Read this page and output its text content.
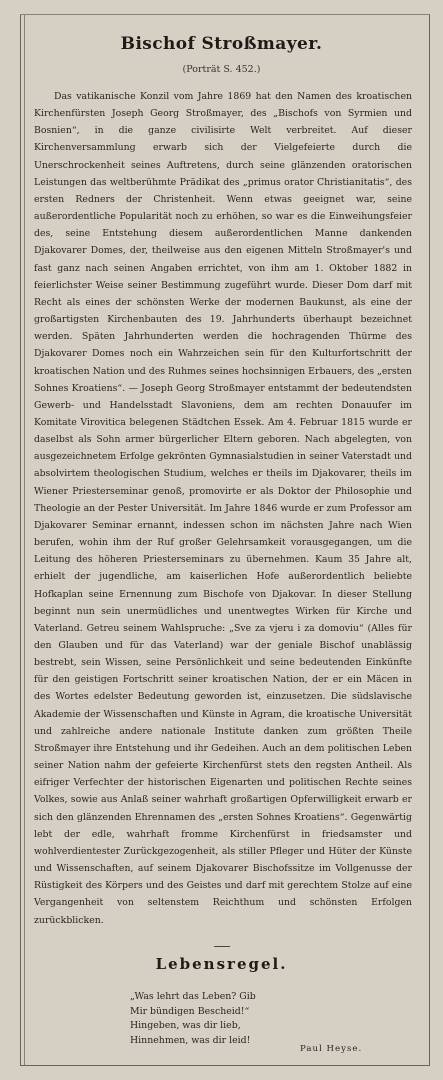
Bischof Stroßmayer.
(Porträt S. 452.)

Das vatikanische Konzil vom Jahre 1869 hat den Namen des kroatischen Kirchenfürsten Joseph Georg Stroßmayer, des „Bischofs von Syrmien und Bosnien“, in die ganze civilisirte Welt verbreitet. Auf dieser Kirchenversammlung erwarb sich der Vielgefeierte durch die Unerschrockenheit seines Auftretens, durch seine glänzenden oratorischen Leistungen das weltberühmte Prädikat des „primus orator Christianitatis“, des ersten Redners der Christenheit. Wenn etwas geeignet war, seine außerordentliche Popularität noch zu erhöhen, so war es die Einweihungsfeier des, seine Entstehung diesem außerordentlichen Manne dankenden Djakovarer Domes, der, theilweise aus den eigenen Mitteln Stroßmayer's und fast ganz nach seinen Angaben errichtet, von ihm am 1. Oktober 1882 in feierlichster Weise seiner Bestimmung zugeführt wurde. Dieser Dom darf mit Recht als eines der schönsten Werke der modernen Baukunst, als eine der großartigsten Kirchenbauten des 19. Jahrhunderts überhaupt bezeichnet werden. Späten Jahrhunderten werden die hochragenden Thürme des Djakovarer Domes noch ein Wahrzeichen sein für den Kulturfortschritt der kroatischen Nation und des Ruhmes seines hochsinnigen Erbauers, des „ersten Sohnes Kroatiens“. — Joseph Georg Stroßmayer entstammt der bedeutendsten Gewerb- und Handelsstadt Slavoniens, dem am rechten Donauufer im Komitate Virovitica belegenen Städtchen Essek. Am 4. Februar 1815 wurde er daselbst als Sohn armer bürgerlicher Eltern geboren. Nach abgelegten, von ausgezeichnetem Erfolge gekrönten Gymnasialstudien in seiner Vaterstadt und absolvirtem theologischen Studium, welches er theils im Djakovarer, theils im Wiener Priesterseminar genoß, promovirte er als Doktor der Philosophie und Theologie an der Pester Universität. Im Jahre 1846 wurde er zum Professor am Djakovarer Seminar ernannt, indessen schon im nächsten Jahre nach Wien berufen, wohin ihm der Ruf großer Gelehrsamkeit vorausgegangen, um die Leitung des höheren Priesterseminars zu übernehmen. Kaum 35 Jahre alt, erhielt der jugendliche, am kaiserlichen Hofe außerordentlich beliebte Hofkaplan seine Ernennung zum Bischofe von Djakovar. In dieser Stellung beginnt nun sein unermüdliches und unentwegtes Wirken für Kirche und Vaterland. Getreu seinem Wahlspruche: „Sve za vjeru i za domoviu“ (Alles für den Glauben und für das Vaterland) war der geniale Bischof unablässig bestrebt, sein Wissen, seine Persönlichkeit und seine bedeutenden Einkünfte für den geistigen Fortschritt seiner kroatischen Nation, der er ein Mäcen in des Wortes edelster Bedeutung geworden ist, einzusetzen. Die südslavische Akademie der Wissenschaften und Künste in Agram, die kroatische Universität und zahlreiche andere nationale Institute danken zum größten Theile Stroßmayer ihre Entstehung und ihr Gedeihen. Auch an dem politischen Leben seiner Nation nahm der gefeierte Kirchenfürst stets den regsten Antheil. Als eifriger Verfechter der historischen Eigenarten und politischen Rechte seines Volkes, sowie aus Anlaß seiner wahrhaft großartigen Opferwilligkeit erwarb er sich den glänzenden Ehrennamen des „ersten Sohnes Kroatiens“. Gegenwärtig lebt der edle, wahrhaft fromme Kirchenfürst in friedsamster und wohlverdientester Zurückgezogenheit, als stiller Pfleger und Hüter der Künste und Wissenschaften, auf seinem Djakovarer Bischofssitze im Vollgenusse der Rüstigkeit des Körpers und des Geistes und darf mit gerechtem Stolze auf eine Vergangenheit von seltenstem Reichthum und schönsten Erfolgen zurückblicken.

Lebensregel.
„Was lehrt das Leben? Gib
Mir bündigen Bescheid!“
Hingeben, was dir lieb,
Hinnehmen, was dir leid!
Paul Heyse.
